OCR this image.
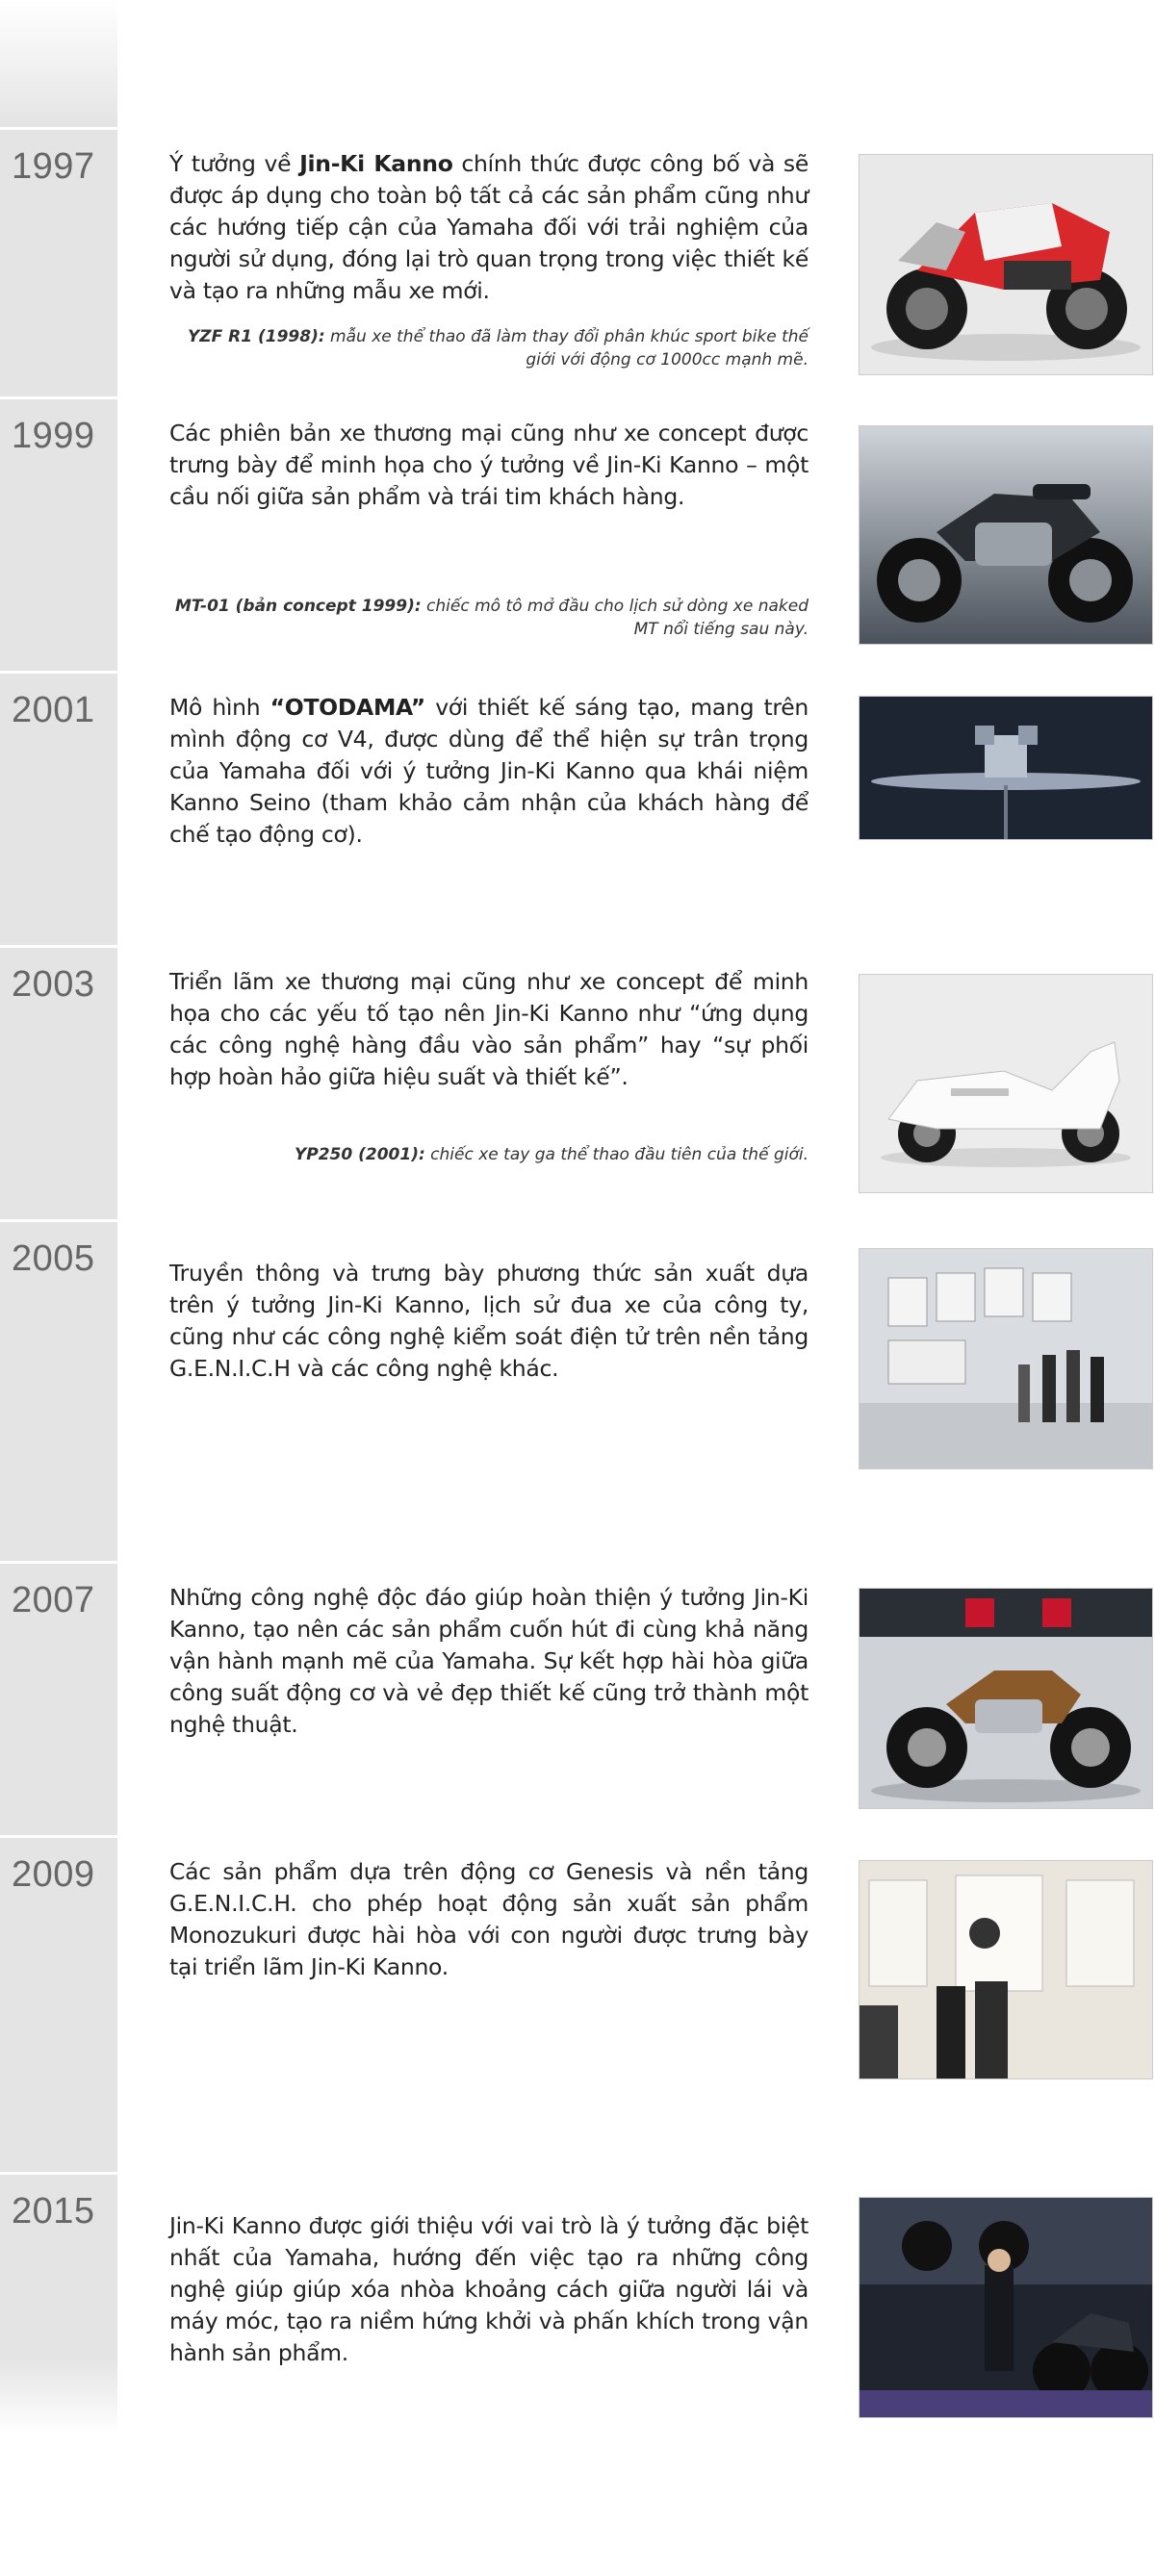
1997	Ý tưởng về Jin-Ki Kanno chính thức được công bố và sẽ được áp dụng cho toàn bộ tất cả các sản phẩm cũng như các hướng tiếp cận của Yamaha đối với trải nghiệm của người sử dụng, đóng lại trò quan trọng trong việc thiết kế và tạo ra những mẫu xe mới.
YZF R1 (1998): mẫu xe thể thao đã làm thay đổi phân khúc sport bike thế giới với động cơ 1000cc mạnh mẽ.
1999	Các phiên bản xe thương mại cũng như xe concept được trưng bày để minh họa cho ý tưởng về Jin-Ki Kanno – một cầu nối giữa sản phẩm và trái tim khách hàng.
MT-01 (bản concept 1999): chiếc mô tô mở đầu cho lịch sử dòng xe naked MT nổi tiếng sau này.
2001	Mô hình “OTODAMA” với thiết kế sáng tạo, mang trên mình động cơ V4, được dùng để thể hiện sự trân trọng của Yamaha đối với ý tưởng Jin-Ki Kanno qua khái niệm Kanno Seino (tham khảo cảm nhận của khách hàng để chế tạo động cơ).
2003	Triển lãm xe thương mại cũng như xe concept để minh họa cho các yếu tố tạo nên Jin-Ki Kanno như “ứng dụng các công nghệ hàng đầu vào sản phẩm” hay “sự phối hợp hoàn hảo giữa hiệu suất và thiết kế”.
YP250 (2001): chiếc xe tay ga thể thao đầu tiên của thế giới.
2005	Truyền thông và trưng bày phương thức sản xuất dựa trên ý tưởng Jin-Ki Kanno, lịch sử đua xe của công ty, cũng như các công nghệ kiểm soát điện tử trên nền tảng G.E.N.I.C.H và các công nghệ khác.
2007	Những công nghệ độc đáo giúp hoàn thiện ý tưởng Jin-Ki Kanno, tạo nên các sản phẩm cuốn hút đi cùng khả năng vận hành mạnh mẽ của Yamaha. Sự kết hợp hài hòa giữa công suất động cơ và vẻ đẹp thiết kế cũng trở thành một nghệ thuật.
2009	Các sản phẩm dựa trên động cơ Genesis và nền tảng G.E.N.I.C.H. cho phép hoạt động sản xuất sản phẩm Monozukuri được hài hòa với con người được trưng bày tại triển lãm Jin-Ki Kanno.
2015	Jin-Ki Kanno được giới thiệu với vai trò là ý tưởng đặc biệt nhất của Yamaha, hướng đến việc tạo ra những công nghệ giúp giúp xóa nhòa khoảng cách giữa người lái và máy móc, tạo ra niềm hứng khởi và phấn khích trong vận hành sản phẩm.
